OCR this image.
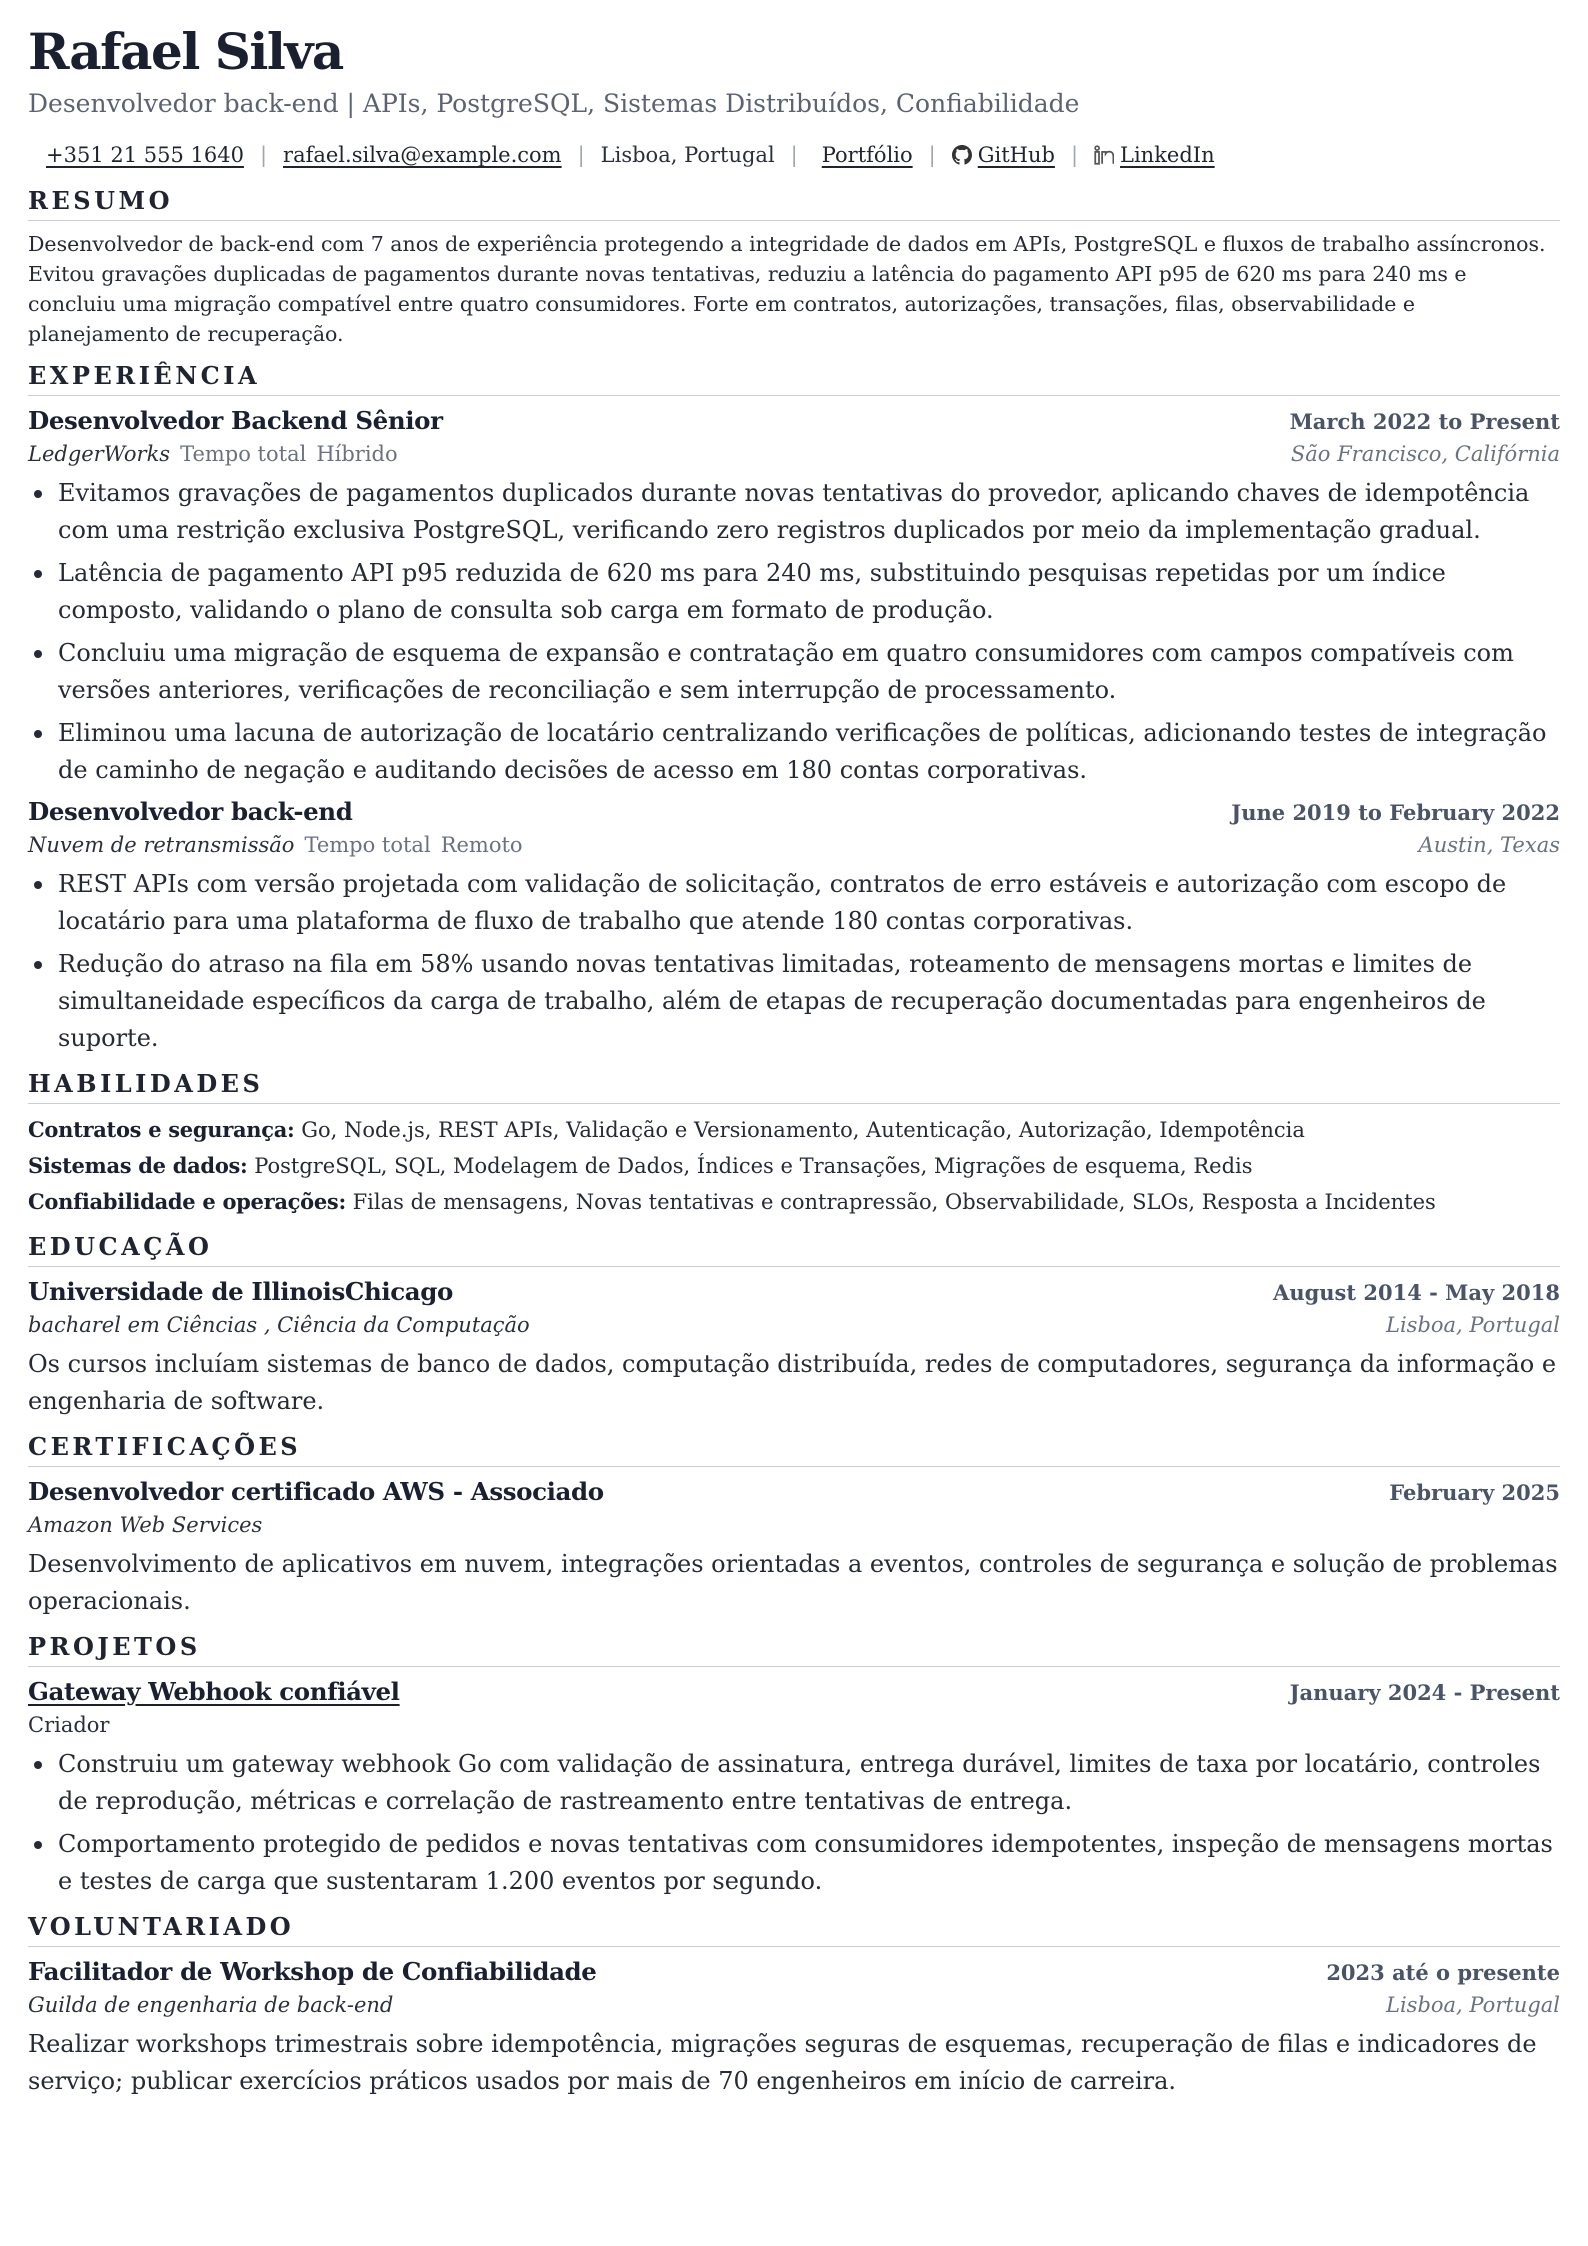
Rafael Silva
Desenvolvedor back-end | APIs, PostgreSQL, Sistemas Distribuídos, Confiabilidade
+351 21 555 1640 | rafael.silva@example.com | Lisboa, Portugal | Portfólio | GitHub | LinkedIn
RESUMO
Desenvolvedor de back-end com 7 anos de experiência protegendo a integridade de dados em APIs, PostgreSQL e fluxos de trabalho assíncronos. Evitou gravações duplicadas de pagamentos durante novas tentativas, reduziu a latência do pagamento API p95 de 620 ms para 240 ms e concluiu uma migração compatível entre quatro consumidores. Forte em contratos, autorizações, transações, filas, observabilidade e planejamento de recuperação.
EXPERIÊNCIA
Desenvolvedor Backend Sênior	March 2022 to Present
LedgerWorks Tempo total Híbrido	São Francisco, Califórnia
Evitamos gravações de pagamentos duplicados durante novas tentativas do provedor, aplicando chaves de idempotência com uma restrição exclusiva PostgreSQL, verificando zero registros duplicados por meio da implementação gradual.
Latência de pagamento API p95 reduzida de 620 ms para 240 ms, substituindo pesquisas repetidas por um índice composto, validando o plano de consulta sob carga em formato de produção.
Concluiu uma migração de esquema de expansão e contratação em quatro consumidores com campos compatíveis com versões anteriores, verificações de reconciliação e sem interrupção de processamento.
Eliminou uma lacuna de autorização de locatário centralizando verificações de políticas, adicionando testes de integração de caminho de negação e auditando decisões de acesso em 180 contas corporativas.
Desenvolvedor back-end	June 2019 to February 2022
Nuvem de retransmissão Tempo total Remoto	Austin, Texas
REST APIs com versão projetada com validação de solicitação, contratos de erro estáveis e autorização com escopo de locatário para uma plataforma de fluxo de trabalho que atende 180 contas corporativas.
Redução do atraso na fila em 58% usando novas tentativas limitadas, roteamento de mensagens mortas e limites de simultaneidade específicos da carga de trabalho, além de etapas de recuperação documentadas para engenheiros de suporte.
HABILIDADES
Contratos e segurança: Go, Node.js, REST APIs, Validação e Versionamento, Autenticação, Autorização, Idempotência
Sistemas de dados: PostgreSQL, SQL, Modelagem de Dados, Índices e Transações, Migrações de esquema, Redis
Confiabilidade e operações: Filas de mensagens, Novas tentativas e contrapressão, Observabilidade, SLOs, Resposta a Incidentes
EDUCAÇÃO
Universidade de IllinoisChicago	August 2014 - May 2018
bacharel em Ciências , Ciência da Computação	Lisboa, Portugal
Os cursos incluíam sistemas de banco de dados, computação distribuída, redes de computadores, segurança da informação e engenharia de software.
CERTIFICAÇÕES
Desenvolvedor certificado AWS - Associado	February 2025
Amazon Web Services
Desenvolvimento de aplicativos em nuvem, integrações orientadas a eventos, controles de segurança e solução de problemas operacionais.
PROJETOS
Gateway Webhook confiável	January 2024 - Present
Criador
Construiu um gateway webhook Go com validação de assinatura, entrega durável, limites de taxa por locatário, controles de reprodução, métricas e correlação de rastreamento entre tentativas de entrega.
Comportamento protegido de pedidos e novas tentativas com consumidores idempotentes, inspeção de mensagens mortas e testes de carga que sustentaram 1.200 eventos por segundo.
VOLUNTARIADO
Facilitador de Workshop de Confiabilidade	2023 até o presente
Guilda de engenharia de back-end	Lisboa, Portugal
Realizar workshops trimestrais sobre idempotência, migrações seguras de esquemas, recuperação de filas e indicadores de serviço; publicar exercícios práticos usados por mais de 70 engenheiros em início de carreira.
